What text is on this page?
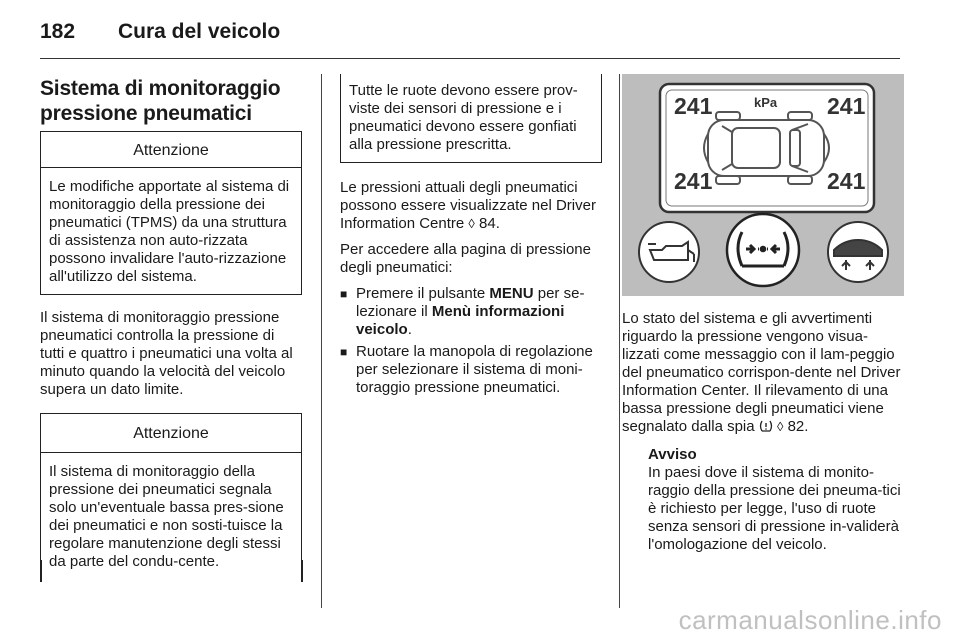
182 Cura del veicolo
Sistema di monitoraggio
pressione pneumatici
Attenzione
Le modifiche apportate al sistema di monitoraggio della pressione dei pneumatici (TPMS) da una struttura di assistenza non auto-rizzata possono invalidare l'auto-rizzazione all'utilizzo del sistema.

Il sistema di monitoraggio pressione pneumatici controlla la pressione di tutti e quattro i pneumatici una volta al minuto quando la velocità del veicolo supera un dato limite.

Attenzione
Il sistema di monitoraggio della pressione dei pneumatici segnala solo un'eventuale bassa pres-sione dei pneumatici e non sosti-tuisce la regolare manutenzione degli stessi da parte del condu-cente.
Tutte le ruote devono essere prov-viste dei sensori di pressione e i pneumatici devono essere gonfiati alla pressione prescritta.

Le pressioni attuali degli pneumatici possono essere visualizzate nel Driver Information Centre ◊ 84.

Per accedere alla pagina di pressione degli pneumatici:

■ Premere il pulsante MENU per se-lezionare il Menù informazioni veicolo.
■ Ruotare la manopola di regolazione per selezionare il sistema di moni-toraggio pressione pneumatici.
241	241
241	241
kPa

Lo stato del sistema e gli avvertimenti riguardo la pressione vengono visua-lizzati come messaggio con il lam-peggio del pneumatico corrispon-dente nel Driver Information Center. Il rilevamento di una bassa pressione degli pneumatici viene segnalato dalla spia ◊ 82.

Avviso
In paesi dove il sistema di monito-raggio della pressione dei pneuma-tici è richiesto per legge, l'uso di ruote senza sensori di pressione in-validerà l'omologazione del veicolo.
carmanualsonline.info
